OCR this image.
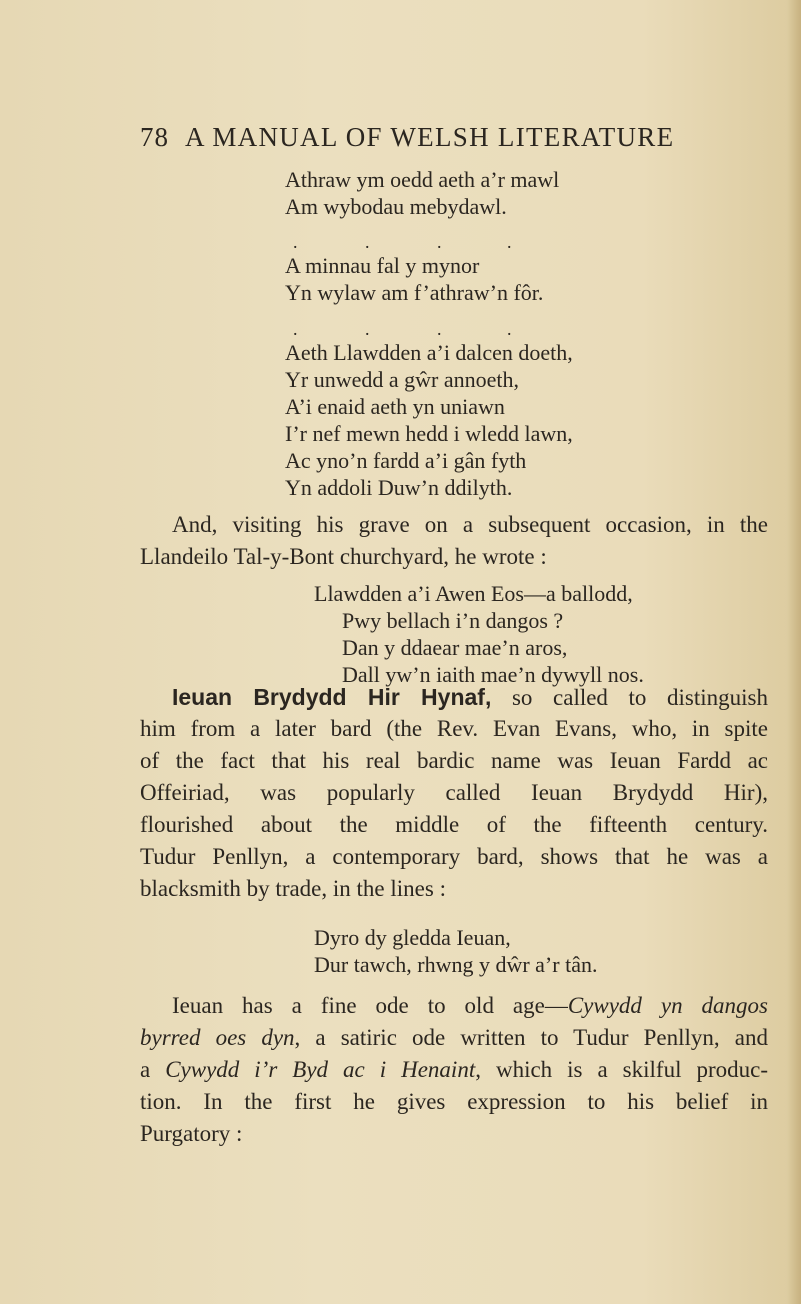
78 A MANUAL OF WELSH LITERATURE
Athraw ym oedd aeth a’r mawl
Am wybodau mebydawl.
.	.	.	.
A minnau fal y mynor
Yn wylaw am f’athraw’n fôr.
.	.	.	.
Aeth Llawdden a’i dalcen doeth,
Yr unwedd a gŵr annoeth,
A’i enaid aeth yn uniawn
I’r nef mewn hedd i wledd lawn,
Ac yno’n fardd a’i gân fyth
Yn addoli Duw’n ddilyth.
And, visiting his grave on a subsequent occasion, in the
Llandeilo Tal-y-Bont churchyard, he wrote :
Llawdden a’i Awen Eos—a ballodd,
Pwy bellach i’n dangos ?
Dan y ddaear mae’n aros,
Dall yw’n iaith mae’n dywyll nos.
Ieuan Brydydd Hir Hynaf, so called to distinguish
him from a later bard (the Rev. Evan Evans, who, in spite
of the fact that his real bardic name was Ieuan Fardd ac
Offeiriad, was popularly called Ieuan Brydydd Hir),
flourished about the middle of the fifteenth century.
Tudur Penllyn, a contemporary bard, shows that he was a
blacksmith by trade, in the lines :
Dyro dy gledda Ieuan,
Dur tawch, rhwng y dŵr a’r tân.
Ieuan has a fine ode to old age—Cywydd yn dangos
byrred oes dyn, a satiric ode written to Tudur Penllyn, and
a Cywydd i’r Byd ac i Henaint, which is a skilful produc-
tion. In the first he gives expression to his belief in
Purgatory :
